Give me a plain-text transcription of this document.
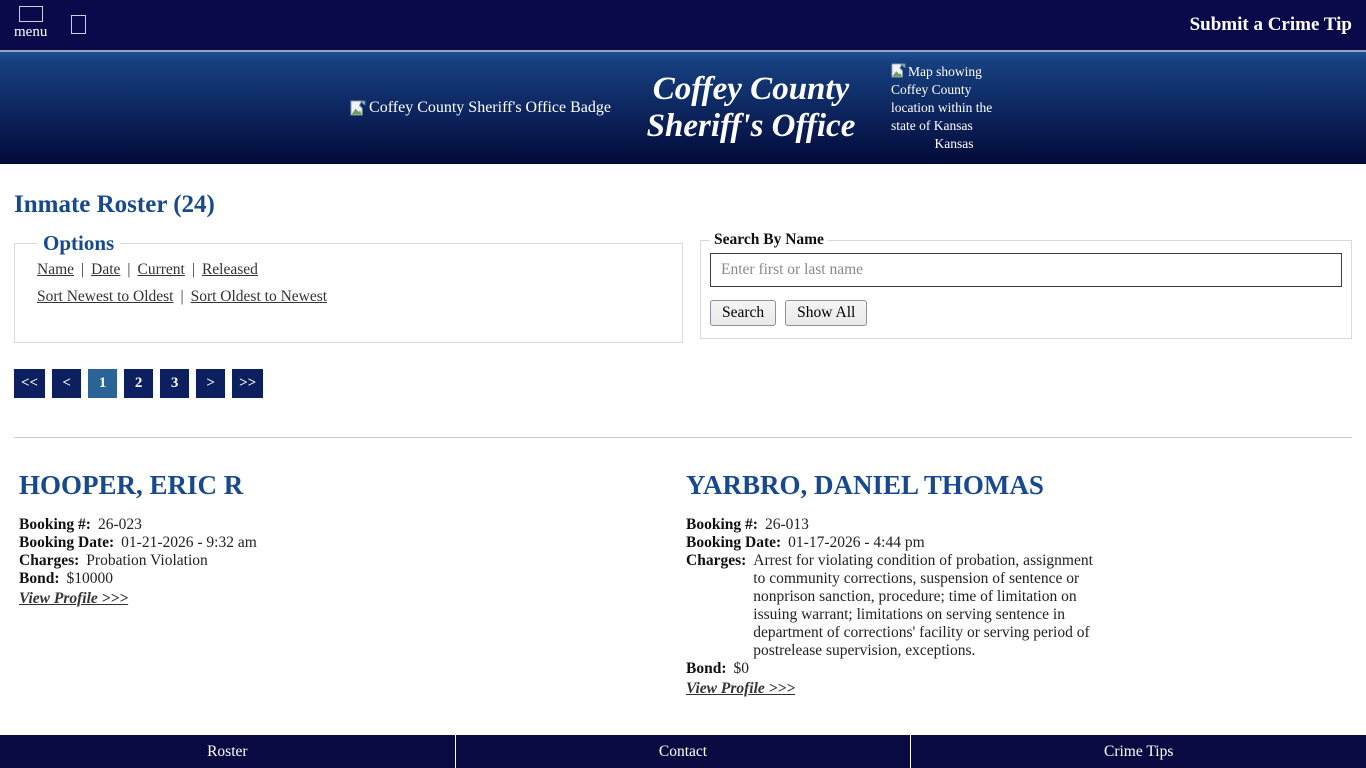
menu	Submit a Crime Tip
Coffey County Sheriff's Office Badge
Coffey County
Sheriff's Office
Map showing Coffey County location within the state of Kansas
Kansas
Inmate Roster (24)
Options
Name | Date | Current | Released
Sort Newest to Oldest | Sort Oldest to Newest
Search By Name
Enter first or last name
Search	Show All
<<	<	1	2	3	>	>>
HOOPER, ERIC R
Booking #: 26-023
Booking Date: 01-21-2026 - 9:32 am
Charges: Probation Violation
Bond: $10000
View Profile >>>
YARBRO, DANIEL THOMAS
Booking #: 26-013
Booking Date: 01-17-2026 - 4:44 pm
Charges: Arrest for violating condition of probation, assignment to community corrections, suspension of sentence or nonprison sanction, procedure; time of limitation on issuing warrant; limitations on serving sentence in department of corrections' facility or serving period of postrelease supervision, exceptions.
Bond: $0
View Profile >>>
Roster	Contact	Crime Tips
